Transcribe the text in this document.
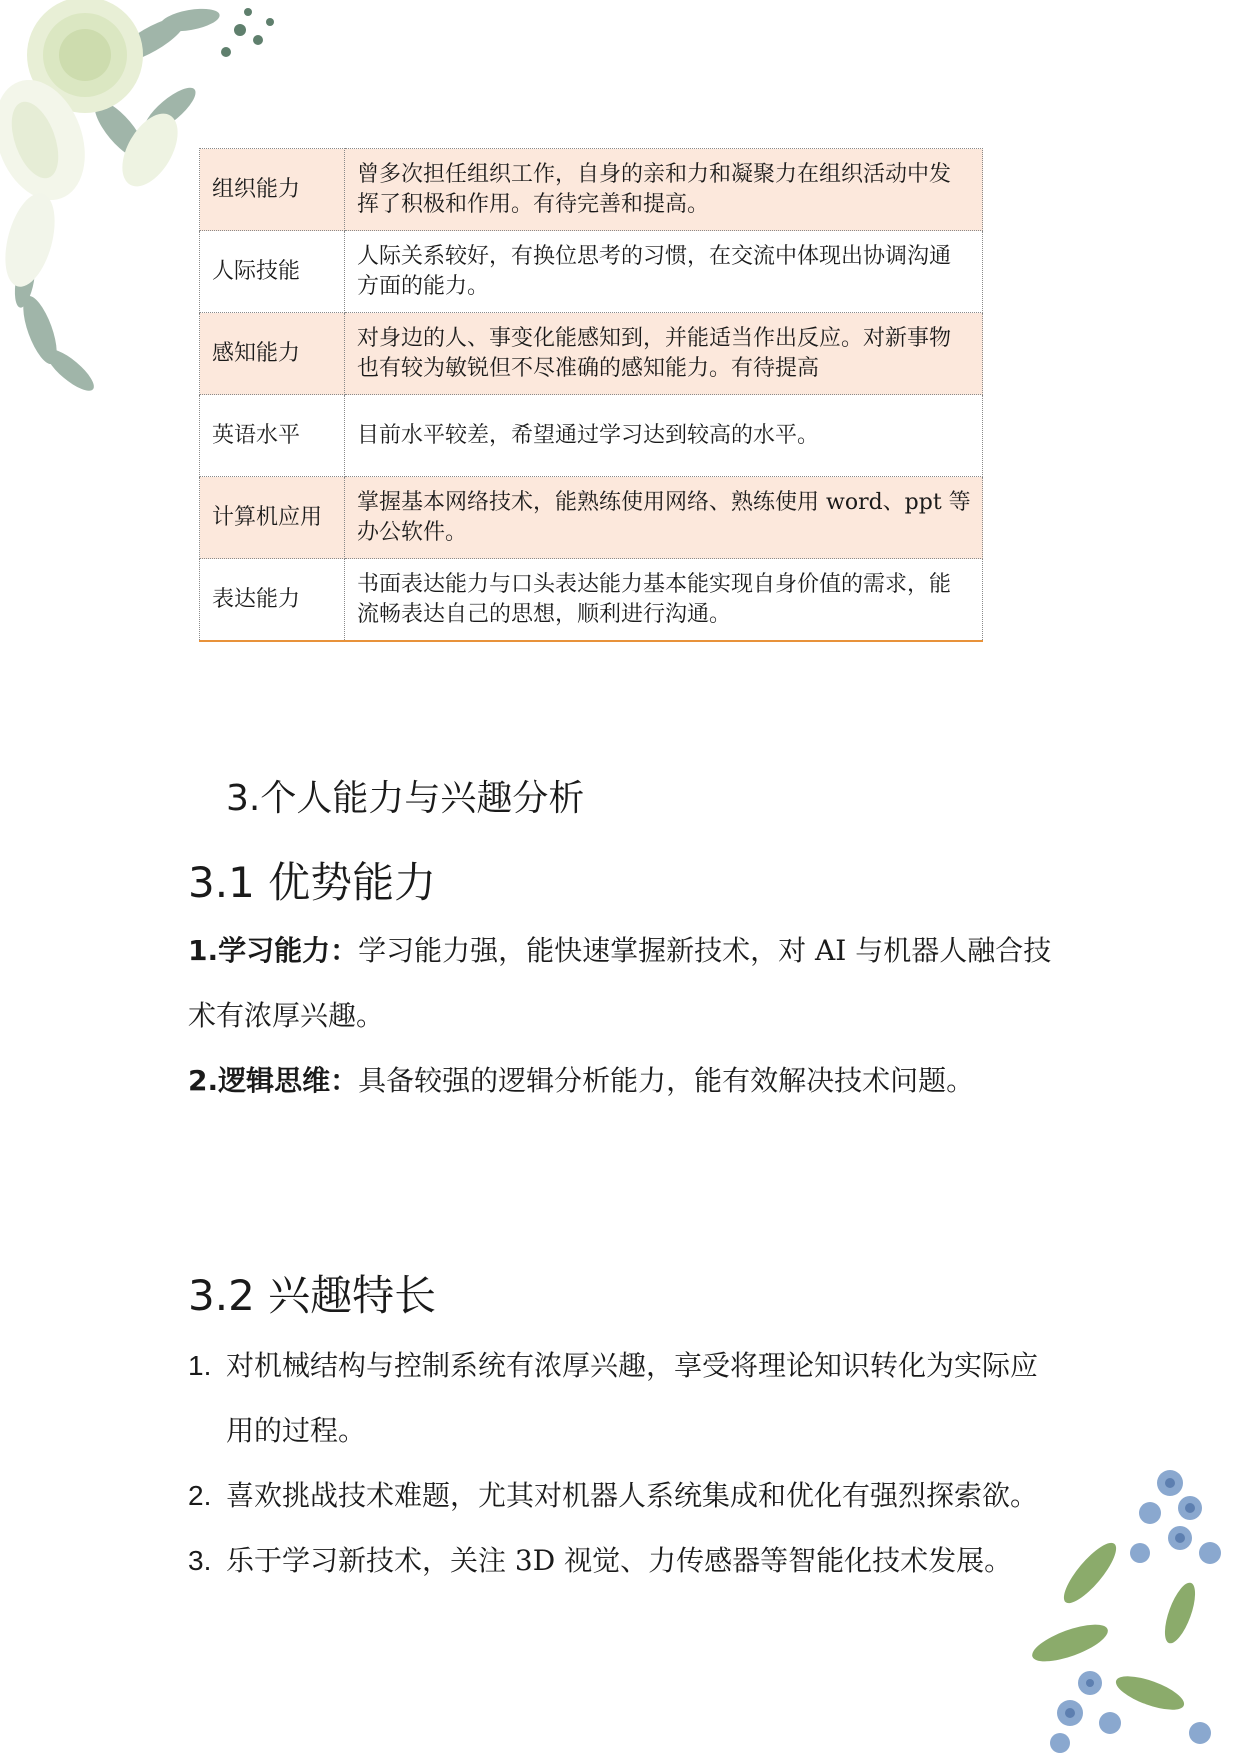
组织能力	曾多次担任组织工作，自身的亲和力和凝聚力在组织活动中发挥了积极和作用。有待完善和提高。
人际技能	人际关系较好，有换位思考的习惯，在交流中体现出协调沟通方面的能力。
感知能力	对身边的人、事变化能感知到，并能适当作出反应。对新事物也有较为敏锐但不尽准确的感知能力。有待提高
英语水平	目前水平较差，希望通过学习达到较高的水平。
计算机应用	掌握基本网络技术，能熟练使用网络、熟练使用 word、ppt 等办公软件。
表达能力	书面表达能力与口头表达能力基本能实现自身价值的需求，能流畅表达自己的思想，顺利进行沟通。
3.个人能力与兴趣分析
3.1 优势能力

1.学习能力：学习能力强，能快速掌握新技术，对 AI 与机器人融合技术有浓厚兴趣。

2.逻辑思维：具备较强的逻辑分析能力，能有效解决技术问题。

3.2 兴趣特长
1. 对机械结构与控制系统有浓厚兴趣，享受将理论知识转化为实际应用的过程。
2. 喜欢挑战技术难题，尤其对机器人系统集成和优化有强烈探索欲。
3. 乐于学习新技术，关注 3D 视觉、力传感器等智能化技术发展。
